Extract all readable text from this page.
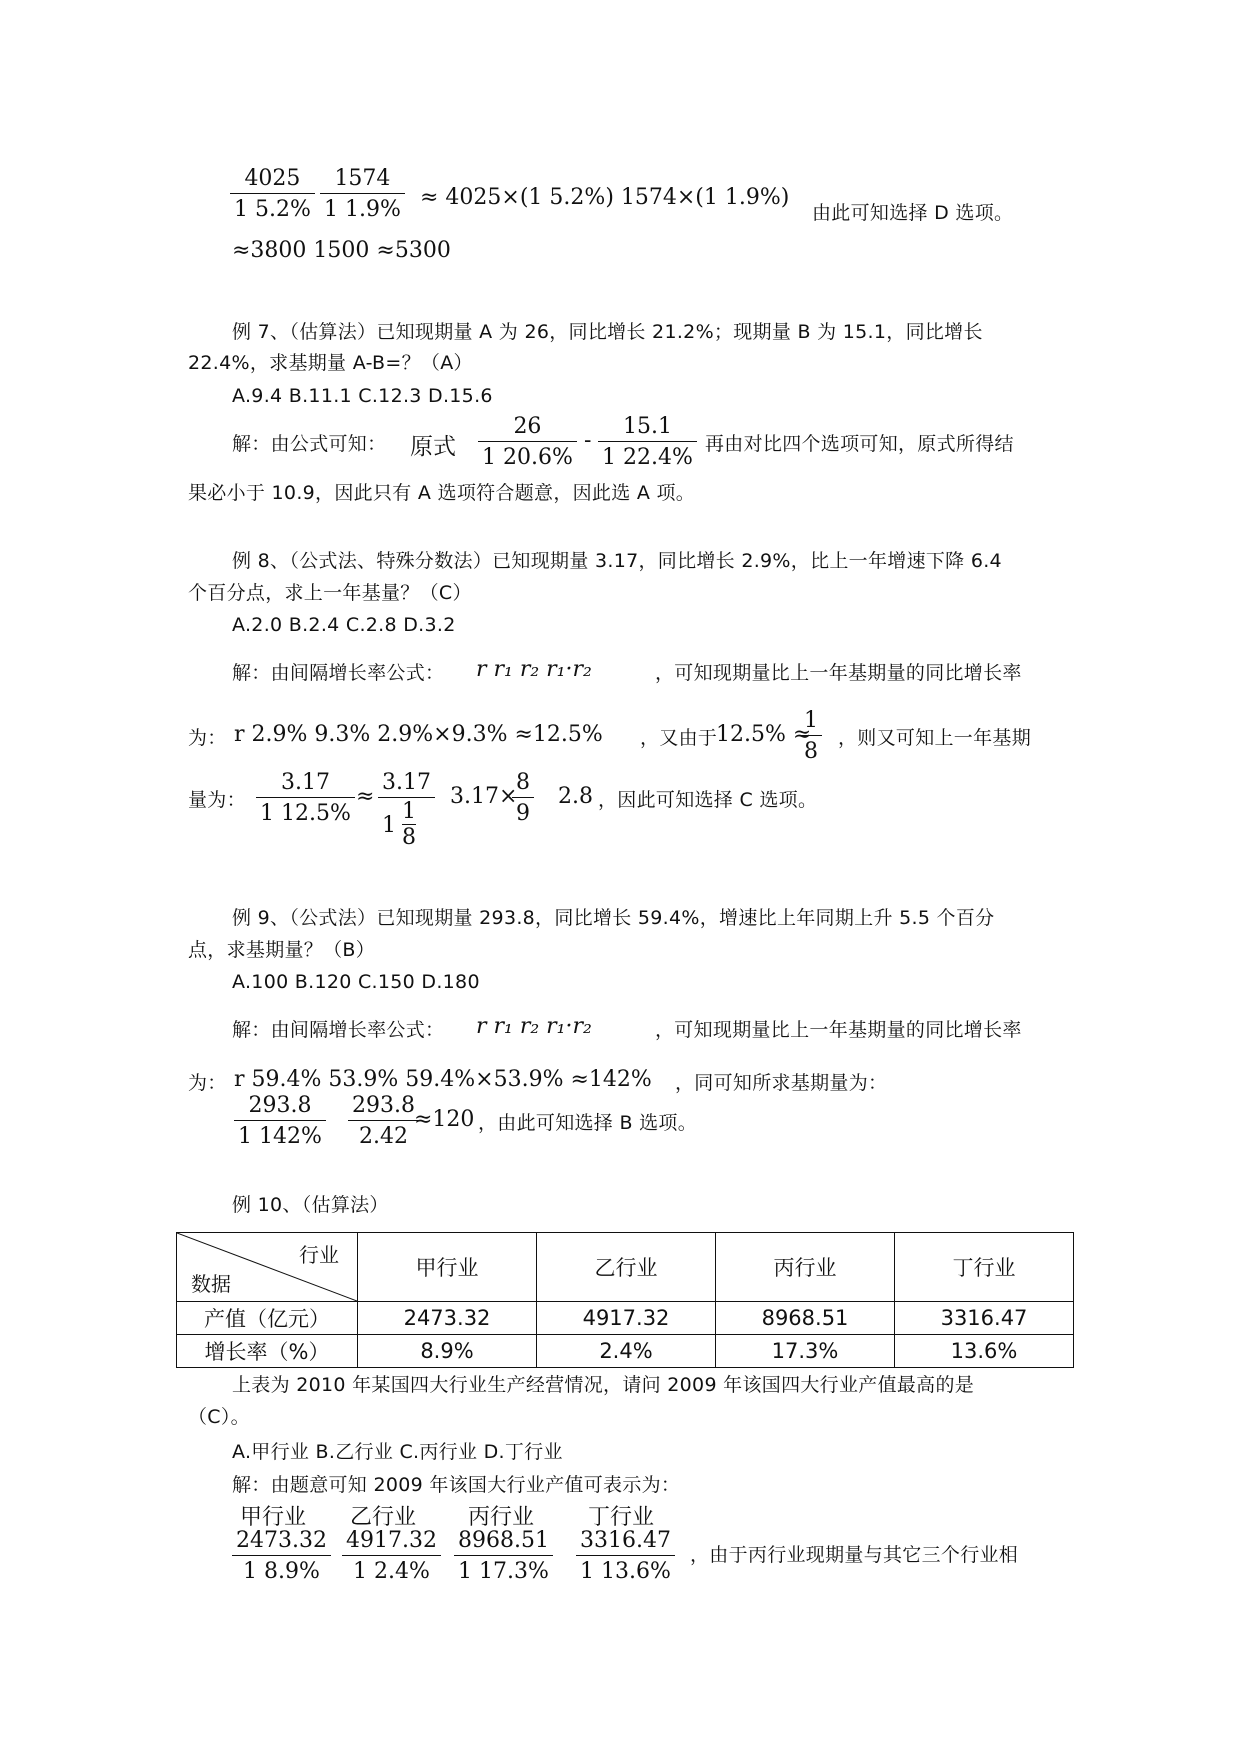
$\frac{4025}{1 5.2\%} \frac{1574}{1 1.9\%} \approx 4025\times(1$ 5.2%) 1574×(1 1.9%)
由此可知选择 D 选项。
≈3800 1500 ≈5300
例 7、（估算法）已知现期量 A 为 26，同比增长 21.2%；现期量 B 为 15.1，同比增长
22.4%，求基期量 A-B=？（A）
A.9.4 B.11.1 C.12.3 D.15.6
解：由公式可知： 原式 $\frac{26}{1 20.6\%} - \frac{15.1}{1 22.4\%}$ 再由对比四个选项可知，原式所得结
果必小于 10.9，因此只有 A 选项符合题意，因此选 A 项。
例 8、（公式法、特殊分数法）已知现期量 3.17，同比增长 2.9%，比上一年增速下降 6.4
个百分点，求上一年基量？（C）
A.2.0 B.2.4 C.2.8 D.3.2
解：由间隔增长率公式： r r₁ r₂ r₁·r₂	，可知现期量比上一年基期量的同比增长率
为： r 2.9% 9.3% 2.9%×9.3% ≈12.5% ，又由于
12.5% ≈
$\frac{1}{8}$ ，则又可知上一年基期
量为： $\frac{3.17}{1 12.5\%} \approx \frac{3.17}{1 \frac{1}{8}} 3.17\times$
$\frac{8}{9} 2.8$ ，因此可知选择 C 选项。
例 9、（公式法）已知现期量 293.8，同比增长 59.4%，增速比上年同期上升 5.5 个百分
点，求基期量？（B）
A.100 B.120 C.150 D.180
解：由间隔增长率公式： r r₁ r₂ r₁·r₂	，可知现期量比上一年基期量的同比增长率
为： r 59.4% 53.9% 59.4%×53.9% ≈142% ，同可知所求基期量为：
$\frac{293.8}{1 142\%} \frac{293.8}{2.42}$
≈120 ，由此可知选择 B 选项。
例 10、（估算法）
行业
数据	甲行业	乙行业	丙行业	丁行业
产值（亿元）	2473.32	4917.32	8968.51	3316.47
增长率（%）	8.9%	2.4%	17.3%	13.6%
上表为 2010 年某国四大行业生产经营情况，请问 2009 年该国四大行业产值最高的是
（C）。
A.甲行业 B.乙行业 C.丙行业 D.丁行业
解：由题意可知 2009 年该国大行业产值可表示为：
甲行业
$\frac{2473.32}{1 8.9\%}$
乙行业
$\frac{4917.32}{1 2.4\%}$
丙行业
$\frac{8968.51}{1 17.3\%}$
丁行业
$\frac{3316.47}{1 13.6\%}$ ，由于丙行业现期量与其它三个行业相
